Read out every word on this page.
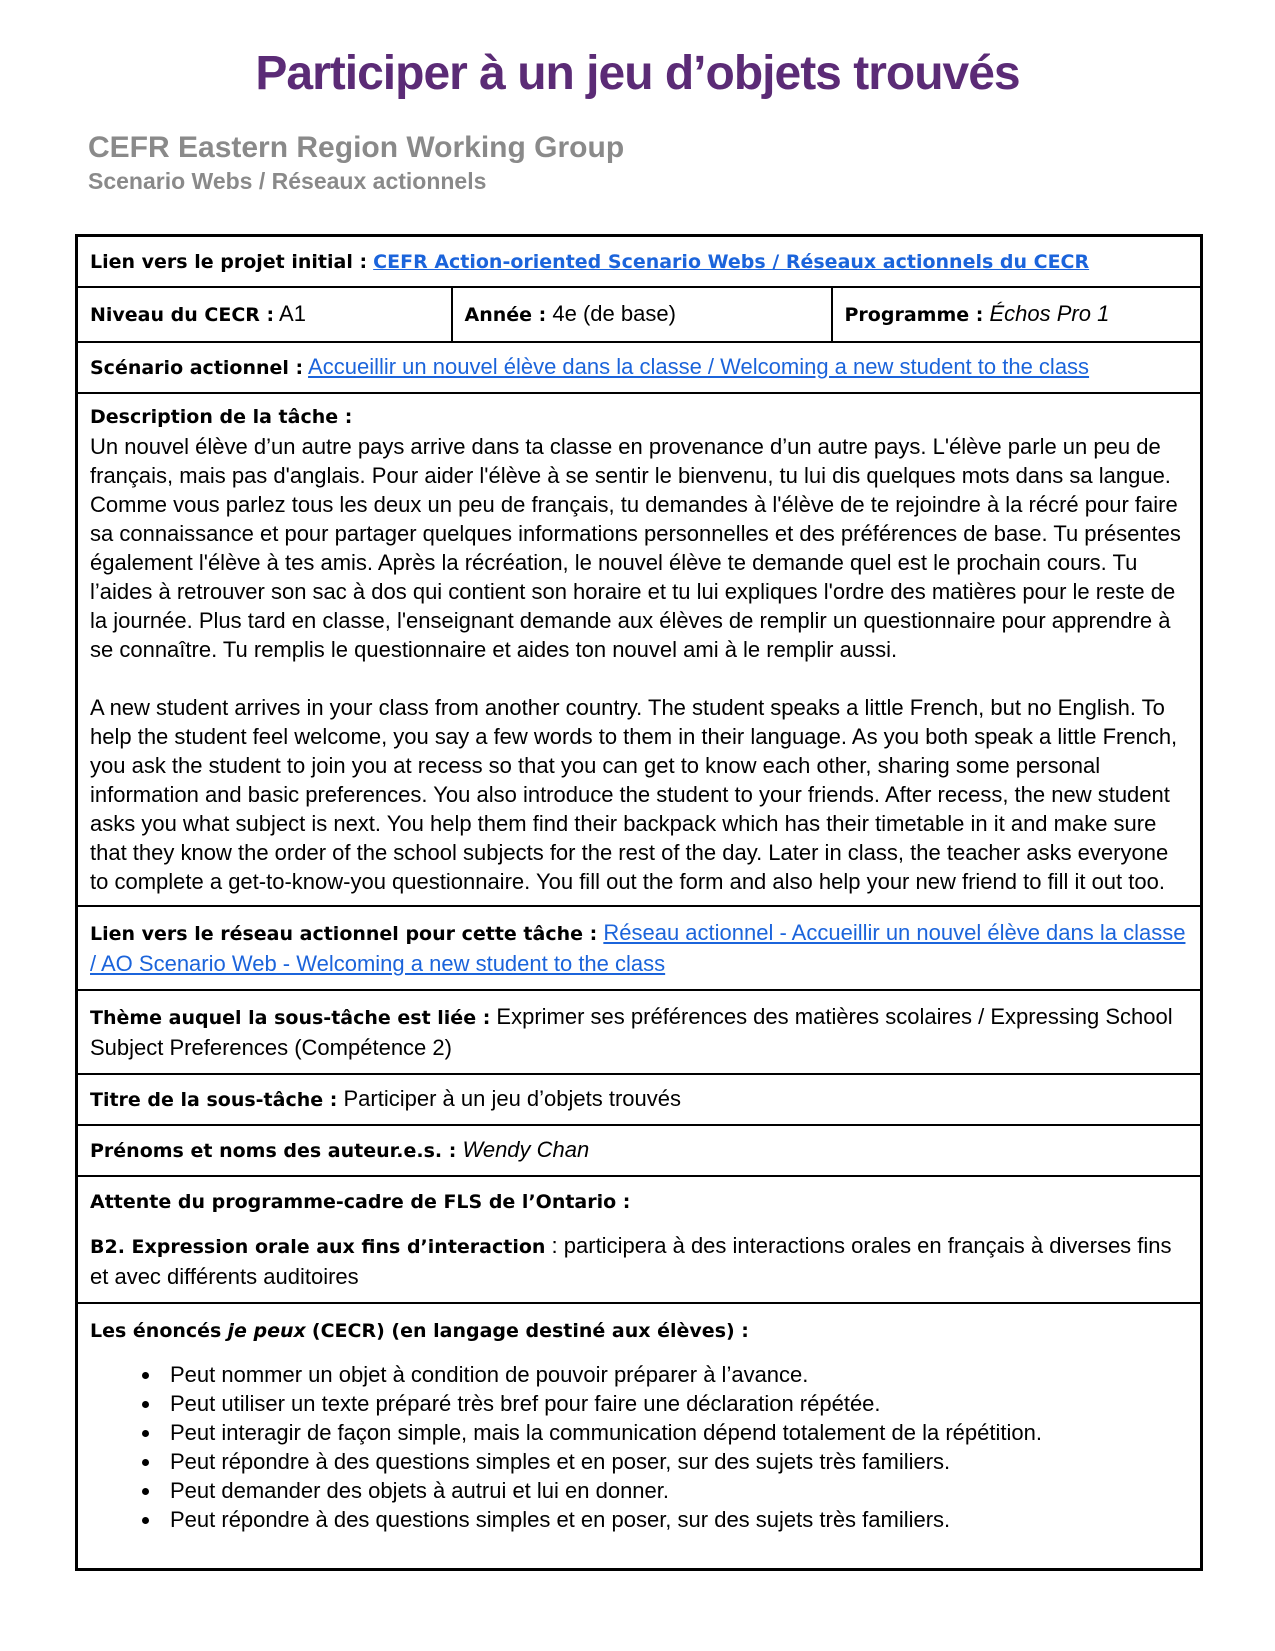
Participer à un jeu d’objets trouvés
CEFR Eastern Region Working Group
Scenario Webs / Réseaux actionnels
Lien vers le projet initial : CEFR Action-oriented Scenario Webs / Réseaux actionnels du CECR
Niveau du CECR : A1	Année : 4e (de base)	Programme : Échos Pro 1
Scénario actionnel : Accueillir un nouvel élève dans la classe / Welcoming a new student to the class

Description de la tâche :

Un nouvel élève d’un autre pays arrive dans ta classe en provenance d’un autre pays. L'élève parle un peu de français, mais pas d'anglais. Pour aider l'élève à se sentir le bienvenu, tu lui dis quelques mots dans sa langue. Comme vous parlez tous les deux un peu de français, tu demandes à l'élève de te rejoindre à la récré pour faire sa connaissance et pour partager quelques informations personnelles et des préférences de base. Tu présentes également l'élève à tes amis. Après la récréation, le nouvel élève te demande quel est le prochain cours. Tu l’aides à retrouver son sac à dos qui contient son horaire et tu lui expliques l'ordre des matières pour le reste de la journée. Plus tard en classe, l'enseignant demande aux élèves de remplir un questionnaire pour apprendre à se connaître. Tu remplis le questionnaire et aides ton nouvel ami à le remplir aussi.

A new student arrives in your class from another country. The student speaks a little French, but no English. To help the student feel welcome, you say a few words to them in their language. As you both speak a little French, you ask the student to join you at recess so that you can get to know each other, sharing some personal information and basic preferences. You also introduce the student to your friends. After recess, the new student asks you what subject is next. You help them find their backpack which has their timetable in it and make sure that they know the order of the school subjects for the rest of the day. Later in class, the teacher asks everyone to complete a get-to-know-you questionnaire. You fill out the form and also help your new friend to fill it out too.

Lien vers le réseau actionnel pour cette tâche : Réseau actionnel - Accueillir un nouvel élève dans la classe / AO Scenario Web - Welcoming a new student to the class
Thème auquel la sous-tâche est liée : Exprimer ses préférences des matières scolaires / Expressing School Subject Preferences (Compétence 2)
Titre de la sous-tâche : Participer à un jeu d’objets trouvés
Prénoms et noms des auteur.e.s. : Wendy Chan

Attente du programme-cadre de FLS de l’Ontario :
B2. Expression orale aux fins d’interaction : participera à des interactions orales en français à diverses fins et avec différents auditoires

Les énoncés je peux (CECR) (en langage destiné aux élèves) :
• Peut nommer un objet à condition de pouvoir préparer à l’avance.
• Peut utiliser un texte préparé très bref pour faire une déclaration répétée.
• Peut interagir de façon simple, mais la communication dépend totalement de la répétition.
• Peut répondre à des questions simples et en poser, sur des sujets très familiers.
• Peut demander des objets à autrui et lui en donner.
• Peut répondre à des questions simples et en poser, sur des sujets très familiers.
